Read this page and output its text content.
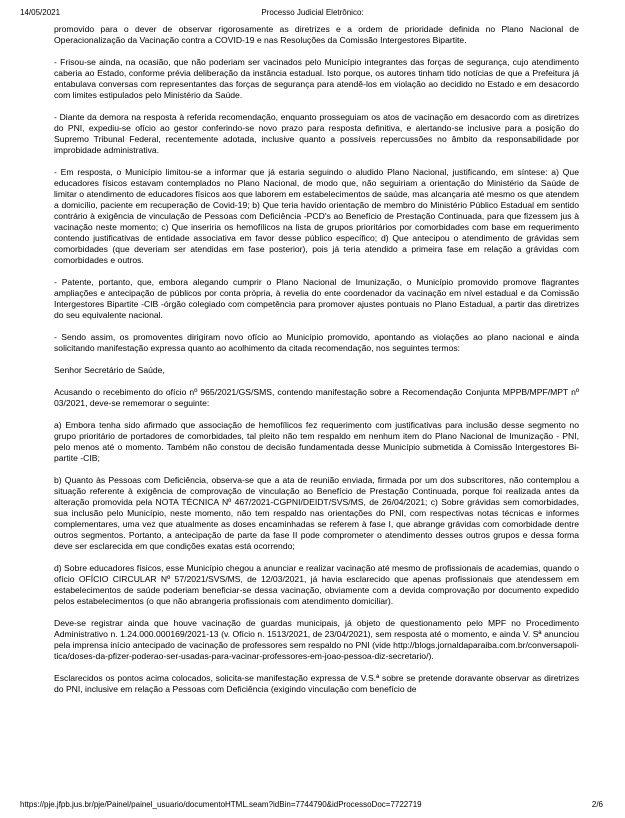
14/05/2021	Processo Judicial Eletrônico:

promovido para o dever de observar rigorosamente as diretrizes e a ordem de prioridade definida no Plano Nacional de Operacionalização da Vacinação contra a COVID-19 e nas Resoluções da Comissão Intergestores Bipartite.

- Frisou-se ainda, na ocasião, que não poderiam ser vacinados pelo Município integrantes das forças de segurança, cujo atendimento caberia ao Estado, conforme prévia deliberação da instância estadual. Isto porque, os autores tinham tido notícias de que a Prefeitura já entabulava conversas com representantes das forças de segurança para atendê-los em violação ao decidido no Estado e em desacordo com limites estipulados pelo Ministério da Saúde.

- Diante da demora na resposta à referida recomendação, enquanto prosseguiam os atos de vacinação em desacordo com as diretrizes do PNI, expediu-se ofício ao gestor conferindo-se novo prazo para resposta definitiva, e alertando-se inclusive para a posição do Supremo Tribunal Federal, recentemente adotada, inclusive quanto a possíveis repercussões no âmbito da responsabilidade por improbidade administrativa.

- Em resposta, o Município limitou-se a informar que já estaria seguindo o aludido Plano Nacional, justificando, em síntese: a) Que educadores físicos estavam contemplados no Plano Nacional, de modo que, não seguiriam a orientação do Ministério da Saúde de limitar o atendimento de educadores físicos aos que laborem em estabelecimentos de saúde, mas alcançaria até mesmo os que atendem a domicílio, paciente em recuperação de Covid-19; b) Que teria havido orientação de membro do Ministério Público Estadual em sentido contrário à exigência de vinculação de Pessoas com Deficiência -PCD's ao Benefício de Prestação Continuada, para que fizessem jus à vacinação neste momento; c) Que inseriria os hemofílicos na lista de grupos prioritários por comorbidades com base em requerimento contendo justificativas de entidade associativa em favor desse público específico; d) Que antecipou o atendimento de grávidas sem comorbidades (que deveriam ser atendidas em fase posterior), pois já teria atendido a primeira fase em relação a grávidas com comorbidades e outros.

- Patente, portanto, que, embora alegando cumprir o Plano Nacional de Imunização, o Município promovido promove flagrantes ampliações e antecipação de públicos por conta própria, à revelia do ente coordenador da vacinação em nível estadual e da Comissão Intergestores Bipartite -CIB -órgão colegiado com competência para promover ajustes pontuais no Plano Estadual, a partir das diretrizes do seu equivalente nacional.

- Sendo assim, os promoventes dirigiram novo ofício ao Município promovido, apontando as violações ao plano nacional e ainda solicitando manifestação expressa quanto ao acolhimento da citada recomendação, nos seguintes termos:

Senhor Secretário de Saúde,

Acusando o recebimento do ofício nº 965/2021/GS/SMS, contendo manifestação sobre a Recomendação Conjunta MPPB/MPF/MPT nº 03/2021, deve-se rememorar o seguinte:

a) Embora tenha sido afirmado que associação de hemofílicos fez requerimento com justificativas para inclusão desse segmento no grupo prioritário de portadores de comorbidades, tal pleito não tem respaldo em nenhum item do Plano Nacional de Imunização - PNI, pelo menos até o momento. Também não constou de decisão fundamentada desse Município submetida à Comissão Intergestores Bi-partite -CIB;

b) Quanto às Pessoas com Deficiência, observa-se que a ata de reunião enviada, firmada por um dos subscritores, não contemplou a situação referente à exigência de comprovação de vinculação ao Benefício de Prestação Continuada, porque foi realizada antes da alteração promovida pela NOTA TÉCNICA Nº 467/2021-CGPNI/DEIDT/SVS/MS, de 26/04/2021; c) Sobre grávidas sem comorbidades, sua inclusão pelo Município, neste momento, não tem respaldo nas orientações do PNI, com respectivas notas técnicas e informes complementares, uma vez que atualmente as doses encaminhadas se referem à fase I, que abrange grávidas com comorbidade dentre outros segmentos. Portanto, a antecipação de parte da fase II pode comprometer o atendimento desses outros grupos e dessa forma deve ser esclarecida em que condições exatas está ocorrendo;

d) Sobre educadores físicos, esse Município chegou a anunciar e realizar vacinação até mesmo de profissionais de academias, quando o ofício OFÍCIO CIRCULAR Nº 57/2021/SVS/MS, de 12/03/2021, já havia esclarecido que apenas profissionais que atendessem em estabelecimentos de saúde poderiam beneficiar-se dessa vacinação, obviamente com a devida comprovação por documento expedido pelos estabelecimentos (o que não abrangeria profissionais com atendimento domiciliar).

Deve-se registrar ainda que houve vacinação de guardas municipais, já objeto de questionamento pelo MPF no Procedimento Administrativo n. 1.24.000.000169/2021-13 (v. Ofício n. 1513/2021, de 23/04/2021), sem resposta até o momento, e ainda V. Sª anunciou pela imprensa início antecipado de vacinação de professores sem respaldo no PNI (vide http://blogs.jornaldaparaiba.com.br/conversapoli-tica/doses-da-pfizer-poderao-ser-usadas-para-vacinar-professores-em-joao-pessoa-diz-secretario/).

Esclarecidos os pontos acima colocados, solicita-se manifestação expressa de V.S.ª sobre se pretende doravante observar as diretrizes do PNI, inclusive em relação a Pessoas com Deficiência (exigindo vinculação com benefício de

https://pje.jfpb.jus.br/pje/Painel/painel_usuario/documentoHTML.seam?idBin=7744790&idProcessoDoc=7722719	2/6
